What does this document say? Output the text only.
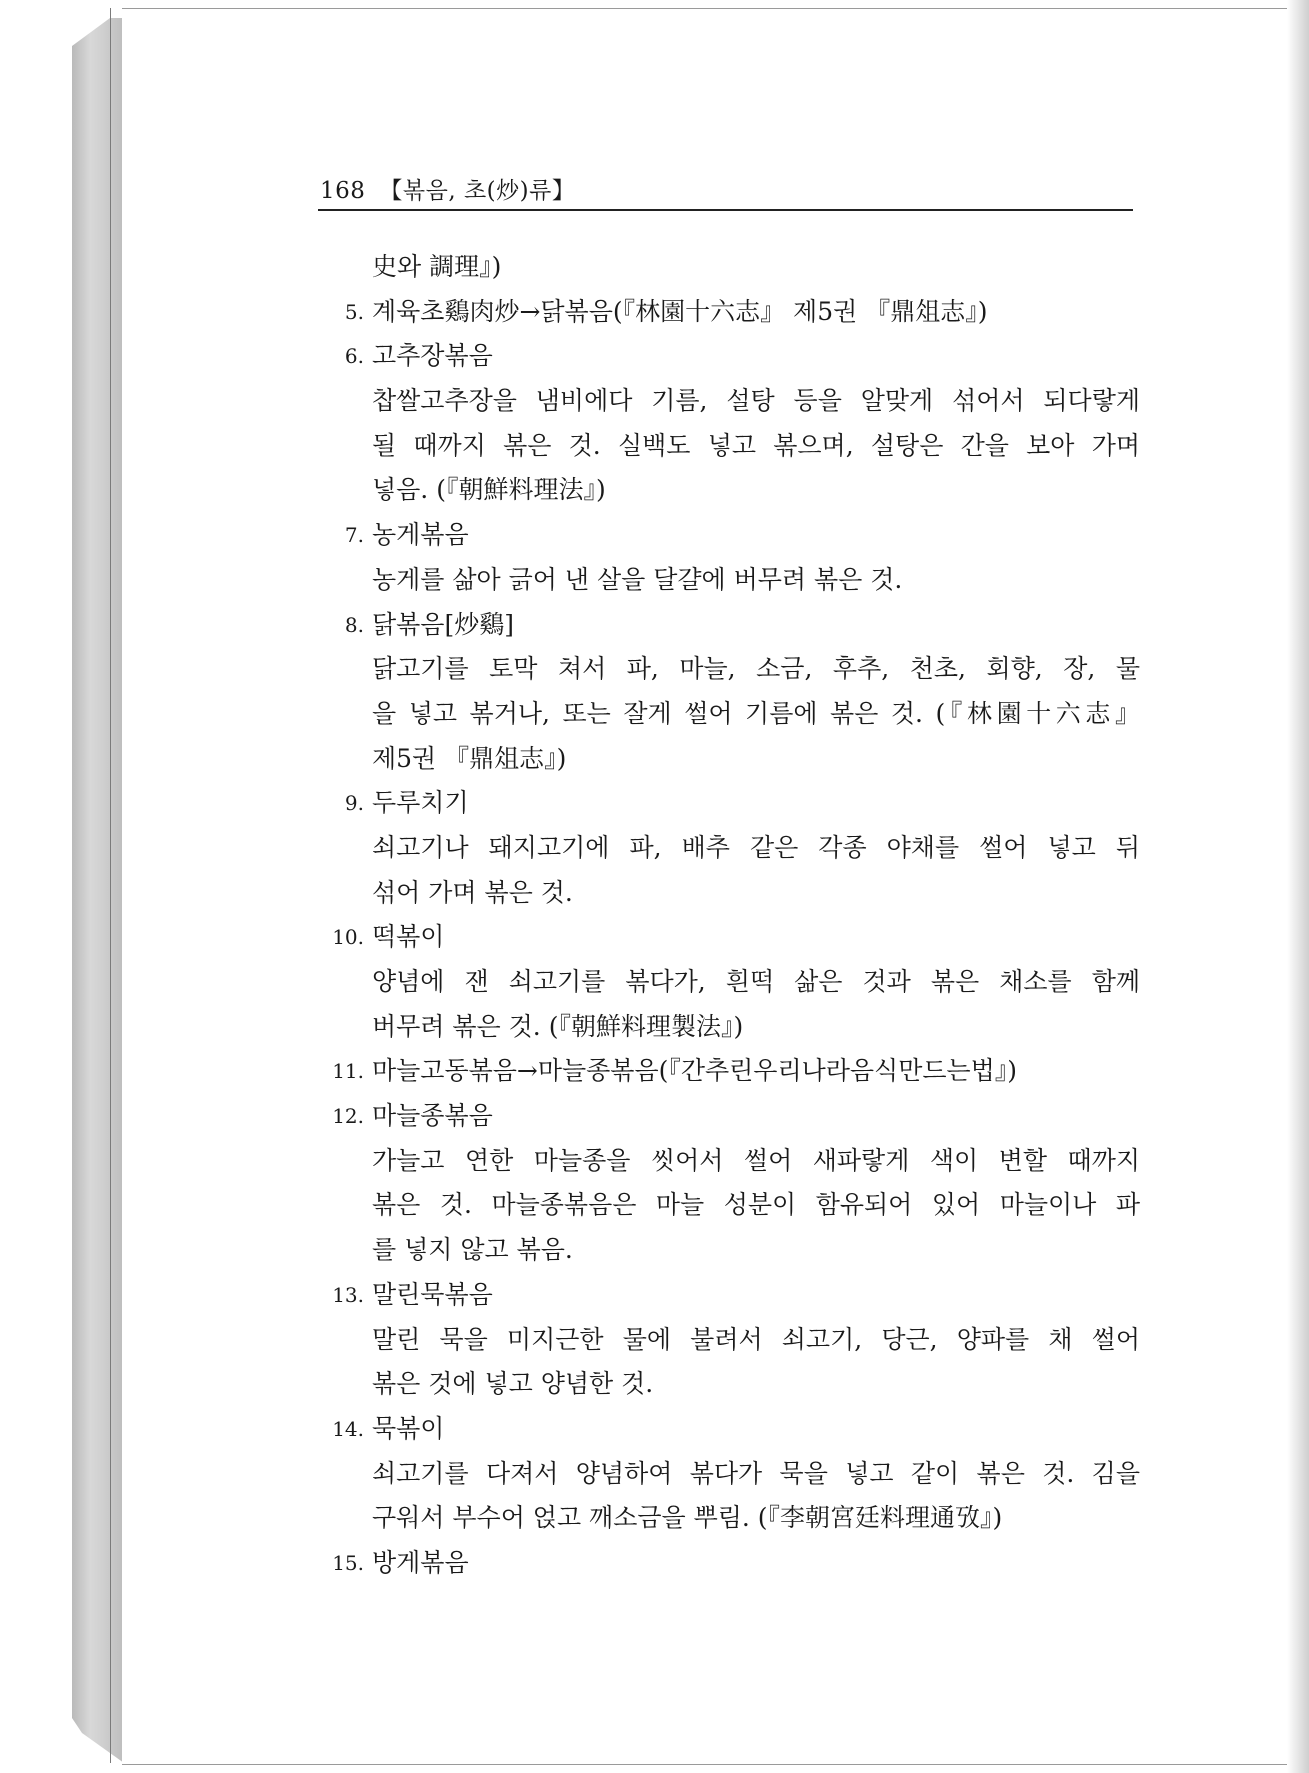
168 【볶음, 초(炒)류】
史와 調理』)
5. 계육초鷄肉炒→닭볶음(『林園十六志』 제5권 『鼎俎志』)
6. 고추장볶음
찹쌀고추장을 냄비에다 기름, 설탕 등을 알맞게 섞어서 되다랗게
될 때까지 볶은 것. 실백도 넣고 볶으며, 설탕은 간을 보아 가며
넣음. (『朝鮮料理法』)
7. 농게볶음
농게를 삶아 긁어 낸 살을 달걀에 버무려 볶은 것.
8. 닭볶음[炒鷄]
닭고기를 토막 쳐서 파, 마늘, 소금, 후추, 천초, 회향, 장, 물
을 넣고 볶거나, 또는 잘게 썰어 기름에 볶은 것. (『林園十六志』
제5권 『鼎俎志』)
9. 두루치기
쇠고기나 돼지고기에 파, 배추 같은 각종 야채를 썰어 넣고 뒤
섞어 가며 볶은 것.
10. 떡볶이
양념에 잰 쇠고기를 볶다가, 흰떡 삶은 것과 볶은 채소를 함께
버무려 볶은 것. (『朝鮮料理製法』)
11. 마늘고동볶음→마늘종볶음(『간추린우리나라음식만드는법』)
12. 마늘종볶음
가늘고 연한 마늘종을 씻어서 썰어 새파랗게 색이 변할 때까지
볶은 것. 마늘종볶음은 마늘 성분이 함유되어 있어 마늘이나 파
를 넣지 않고 볶음.
13. 말린묵볶음
말린 묵을 미지근한 물에 불려서 쇠고기, 당근, 양파를 채 썰어
볶은 것에 넣고 양념한 것.
14. 묵볶이
쇠고기를 다져서 양념하여 볶다가 묵을 넣고 같이 볶은 것. 김을
구워서 부수어 얹고 깨소금을 뿌림. (『李朝宮廷料理通攷』)
15. 방게볶음
